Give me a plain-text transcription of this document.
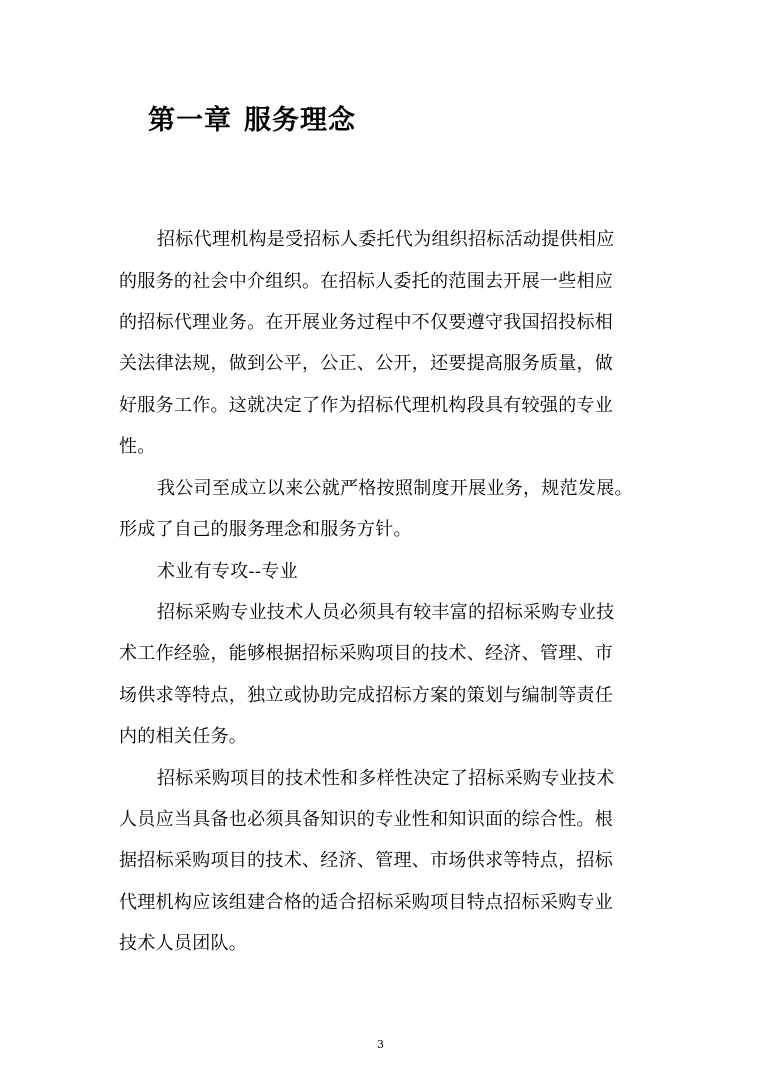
第一章 服务理念
招标代理机构是受招标人委托代为组织招标活动提供相应
的服务的社会中介组织。在招标人委托的范围去开展一些相应
的招标代理业务。在开展业务过程中不仅要遵守我国招投标相
关法律法规，做到公平，公正、公开，还要提高服务质量，做
好服务工作。这就决定了作为招标代理机构段具有较强的专业
性。
我公司至成立以来公就严格按照制度开展业务，规范发展。
形成了自己的服务理念和服务方针。
术业有专攻--专业
招标采购专业技术人员必须具有较丰富的招标采购专业技
术工作经验，能够根据招标采购项目的技术、经济、管理、市
场供求等特点，独立或协助完成招标方案的策划与编制等责任
内的相关任务。
招标采购项目的技术性和多样性决定了招标采购专业技术
人员应当具备也必须具备知识的专业性和知识面的综合性。根
据招标采购项目的技术、经济、管理、市场供求等特点，招标
代理机构应该组建合格的适合招标采购项目特点招标采购专业
技术人员团队。
3
